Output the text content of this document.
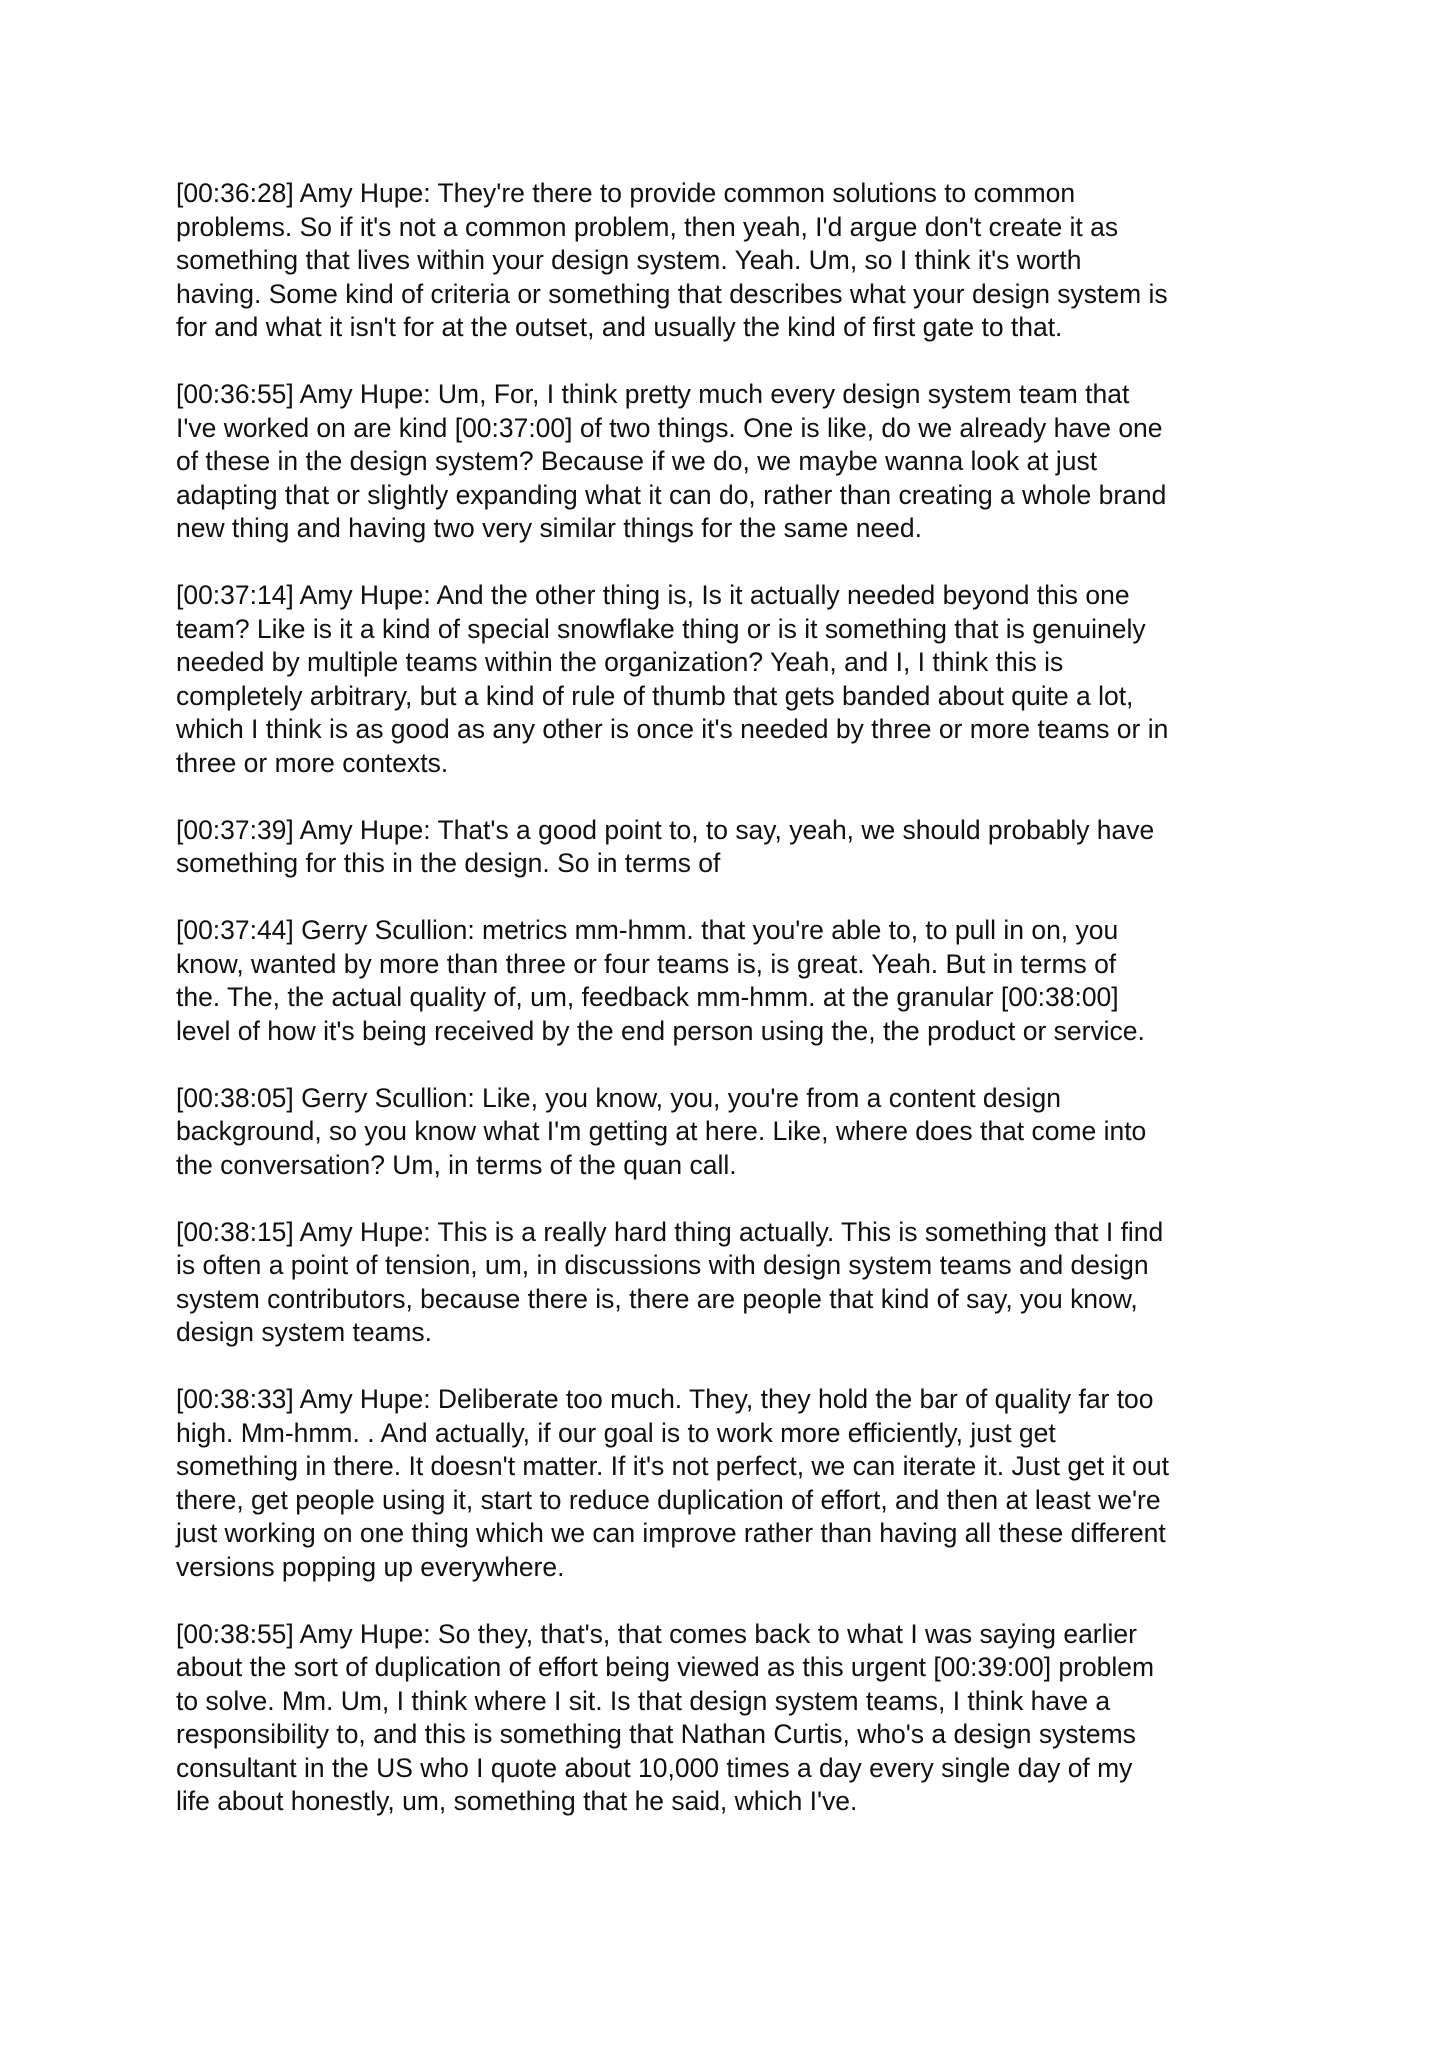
[00:36:28] Amy Hupe: They're there to provide common solutions to common
problems. So if it's not a common problem, then yeah, I'd argue don't create it as
something that lives within your design system. Yeah. Um, so I think it's worth
having. Some kind of criteria or something that describes what your design system is
for and what it isn't for at the outset, and usually the kind of first gate to that.
[00:36:55] Amy Hupe: Um, For, I think pretty much every design system team that
I've worked on are kind [00:37:00] of two things. One is like, do we already have one
of these in the design system? Because if we do, we maybe wanna look at just
adapting that or slightly expanding what it can do, rather than creating a whole brand
new thing and having two very similar things for the same need.
[00:37:14] Amy Hupe: And the other thing is, Is it actually needed beyond this one
team? Like is it a kind of special snowflake thing or is it something that is genuinely
needed by multiple teams within the organization? Yeah, and I, I think this is
completely arbitrary, but a kind of rule of thumb that gets banded about quite a lot,
which I think is as good as any other is once it's needed by three or more teams or in
three or more contexts.
[00:37:39] Amy Hupe: That's a good point to, to say, yeah, we should probably have
something for this in the design. So in terms of
[00:37:44] Gerry Scullion: metrics mm-hmm. that you're able to, to pull in on, you
know, wanted by more than three or four teams is, is great. Yeah. But in terms of
the. The, the actual quality of, um, feedback mm-hmm. at the granular [00:38:00]
level of how it's being received by the end person using the, the product or service.
[00:38:05] Gerry Scullion: Like, you know, you, you're from a content design
background, so you know what I'm getting at here. Like, where does that come into
the conversation? Um, in terms of the quan call.
[00:38:15] Amy Hupe: This is a really hard thing actually. This is something that I find
is often a point of tension, um, in discussions with design system teams and design
system contributors, because there is, there are people that kind of say, you know,
design system teams.
[00:38:33] Amy Hupe: Deliberate too much. They, they hold the bar of quality far too
high. Mm-hmm. . And actually, if our goal is to work more efficiently, just get
something in there. It doesn't matter. If it's not perfect, we can iterate it. Just get it out
there, get people using it, start to reduce duplication of effort, and then at least we're
just working on one thing which we can improve rather than having all these different
versions popping up everywhere.
[00:38:55] Amy Hupe: So they, that's, that comes back to what I was saying earlier
about the sort of duplication of effort being viewed as this urgent [00:39:00] problem
to solve. Mm. Um, I think where I sit. Is that design system teams, I think have a
responsibility to, and this is something that Nathan Curtis, who's a design systems
consultant in the US who I quote about 10,000 times a day every single day of my
life about honestly, um, something that he said, which I've.
